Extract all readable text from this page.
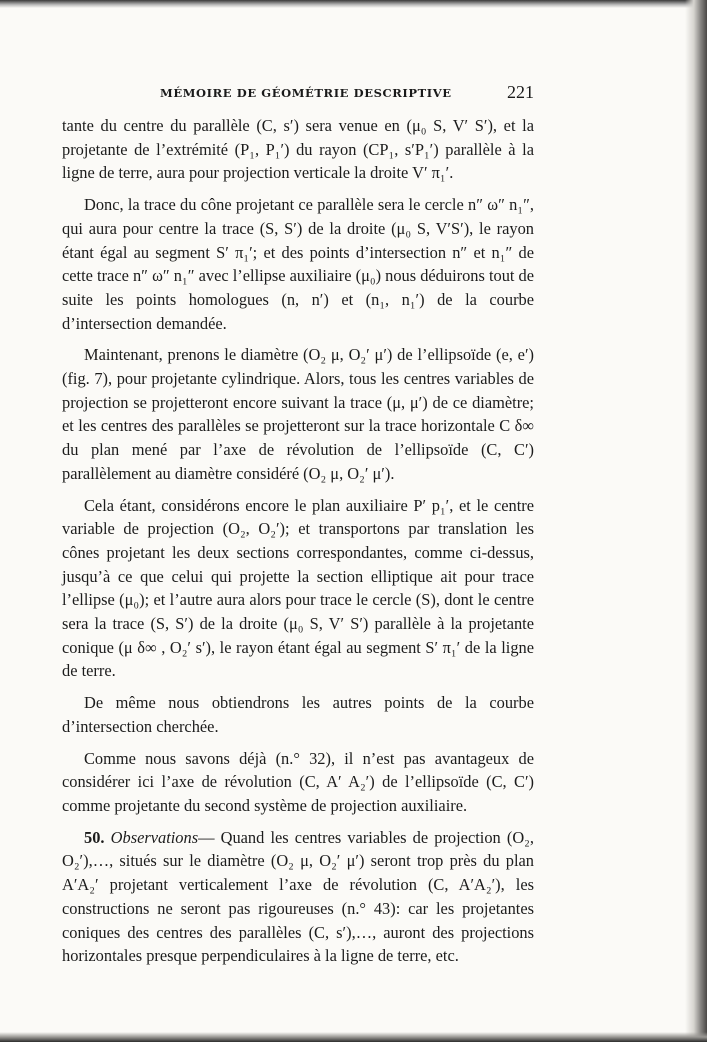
MÉMOIRE DE GÉOMÉTRIE DESCRIPTIVE	221

tante du centre du parallèle (C, s′) sera venue en (μ₀ S, V′ S′), et la projetante de l’extrémité (P₁, P₁′) du rayon (CP₁, s′P₁′) parallèle à la ligne de terre, aura pour projection verticale la droite V′ π₁′.

Donc, la trace du cône projetant ce parallèle sera le cercle n″ ω″ n₁″, qui aura pour centre la trace (S, S′) de la droite (μ₀ S, V′S′), le rayon étant égal au segment S′ π₁′; et des points d’intersection n″ et n₁″ de cette trace n″ ω″ n₁″ avec l’ellipse auxiliaire (μ₀) nous déduirons tout de suite les points homologues (n, n′) et (n₁, n₁′) de la courbe d’intersection demandée.

Maintenant, prenons le diamètre (O₂ μ, O₂′ μ′) de l’ellipsoïde (e, e′) (fig. 7), pour projetante cylindrique. Alors, tous les centres variables de projection se projetteront encore suivant la trace (μ, μ′) de ce diamètre; et les centres des parallèles se projetteront sur la trace horizontale C δ∞ du plan mené par l’axe de révolution de l’ellipsoïde (C, C′) parallèlement au diamètre considéré (O₂ μ, O₂′ μ′).

Cela étant, considérons encore le plan auxiliaire P′ p₁′, et le centre variable de projection (O₂, O₂′); et transportons par translation les cônes projetant les deux sections correspondantes, comme ci-dessus, jusqu’à ce que celui qui projette la section elliptique ait pour trace l’ellipse (μ₀); et l’autre aura alors pour trace le cercle (S), dont le centre sera la trace (S, S′) de la droite (μ₀ S, V′ S′) parallèle à la projetante conique (μ δ∞ , O₂′ s′), le rayon étant égal au segment S′ π₁′ de la ligne de terre.

De même nous obtiendrons les autres points de la courbe d’intersection cherchée.

Comme nous savons déjà (n.° 32), il n’est pas avantageux de considérer ici l’axe de révolution (C, A′ A₂′) de l’ellipsoïde (C, C′) comme projetante du second système de projection auxiliaire.

50. Observations— Quand les centres variables de projection (O₂, O₂′),…, situés sur le diamètre (O₂ μ, O₂′ μ′) seront trop près du plan A′A₂′ projetant verticalement l’axe de révolution (C, A′A₂′), les constructions ne seront pas rigoureuses (n.° 43): car les projetantes coniques des centres des parallèles (C, s′),…, auront des projections horizontales presque perpendiculaires à la ligne de terre, etc.
